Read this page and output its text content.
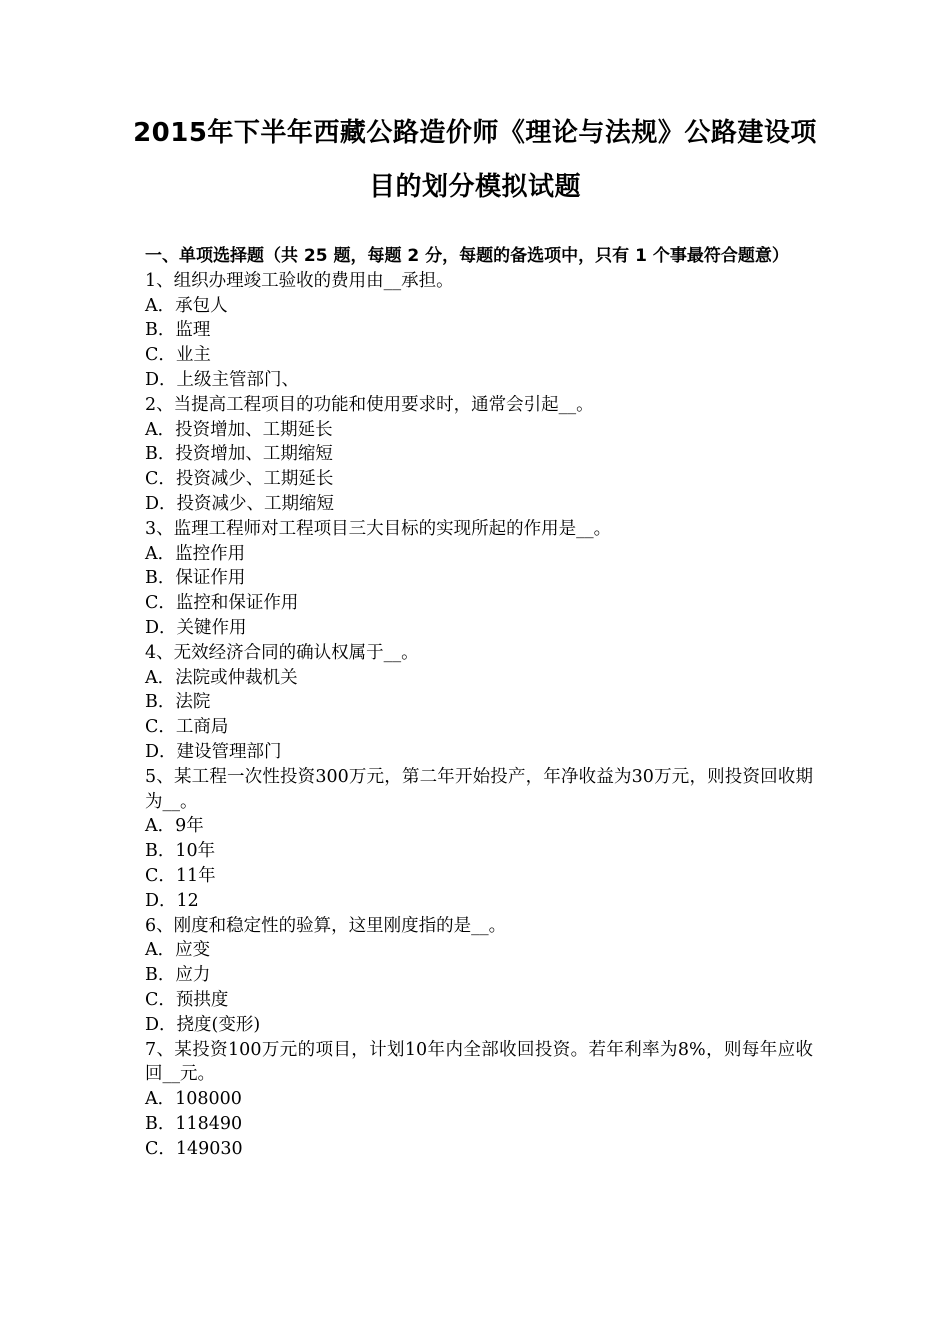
2015年下半年西藏公路造价师《理论与法规》公路建设项
目的划分模拟试题
一、单项选择题（共 25 题，每题 2 分，每题的备选项中，只有 1 个事最符合题意）

1、组织办理竣工验收的费用由__承担。

A．承包人

B．监理

C．业主

D．上级主管部门、

2、当提高工程项目的功能和使用要求时，通常会引起__。

A．投资增加、工期延长

B．投资增加、工期缩短

C．投资减少、工期延长

D．投资减少、工期缩短

3、监理工程师对工程项目三大目标的实现所起的作用是__。

A．监控作用

B．保证作用

C．监控和保证作用

D．关键作用

4、无效经济合同的确认权属于__。

A．法院或仲裁机关

B．法院

C．工商局

D．建设管理部门

5、某工程一次性投资300万元，第二年开始投产，年净收益为30万元，则投资回收期为__。

A．9年

B．10年

C．11年

D．12

6、刚度和稳定性的验算，这里刚度指的是__。

A．应变

B．应力

C．预拱度

D．挠度(变形)

7、某投资100万元的项目，计划10年内全部收回投资。若年利率为8%，则每年应收回__元。

A．108000

B．118490

C．149030
